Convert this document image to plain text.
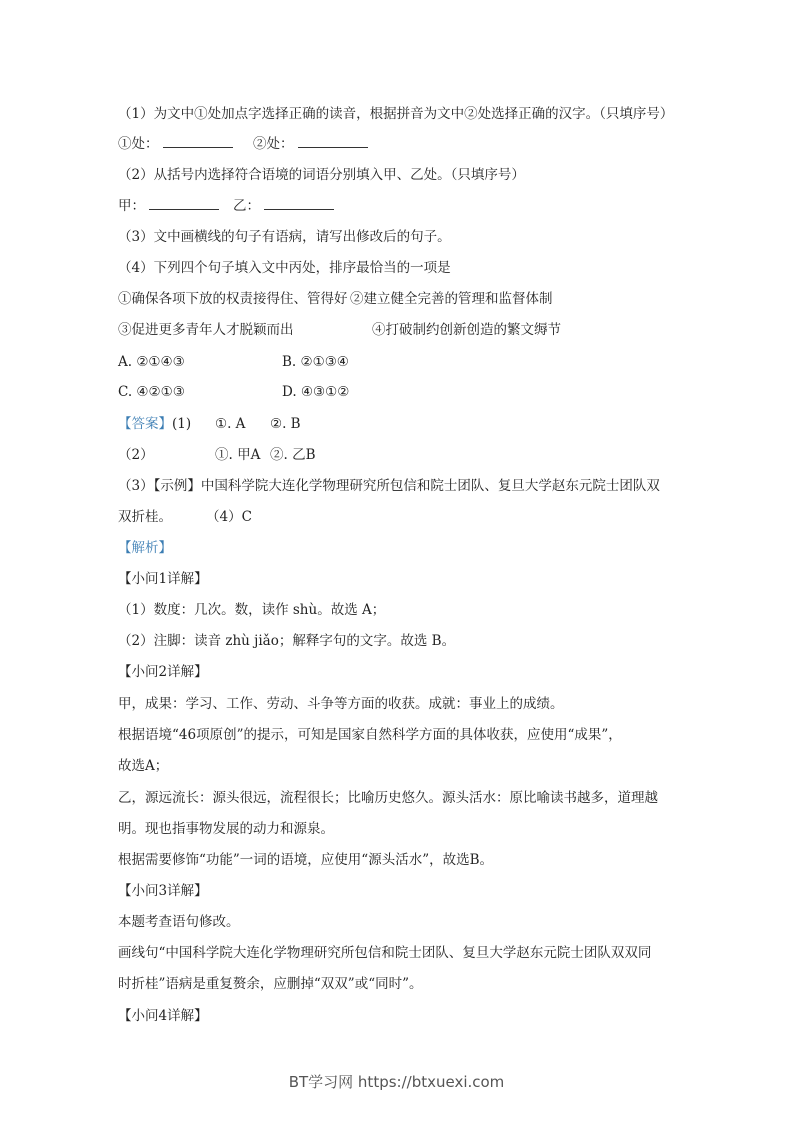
（1）为文中①处加点字选择正确的读音，根据拼音为文中②处选择正确的汉字。（只填序号）
①处：	②处：
（2）从括号内选择符合语境的词语分别填入甲、乙处。（只填序号）
甲：	乙：
（3）文中画横线的句子有语病，请写出修改后的句子。
（4）下列四个句子填入文中丙处，排序最恰当的一项是
①确保各项下放的权责接得住、管得好 ②建立健全完善的管理和监督体制
③促进更多青年人才脱颖而出	④打破制约创新创造的繁文缛节
A. ②①④③	B. ②①③④
C. ④②①③	D. ④③①②
【答案】(1) ①. A ②. B
（2）	①. 甲A ②. 乙B
（3）【示例】中国科学院大连化学物理研究所包信和院士团队、复旦大学赵东元院士团队双
双折桂。	（4）C
【解析】
【小问1详解】
（1）数度：几次。数，读作 shù。故选 A；
（2）注脚：读音 zhù jiǎo；解释字句的文字。故选 B。
【小问2详解】
甲，成果：学习、工作、劳动、斗争等方面的收获。成就：事业上的成绩。
根据语境“46项原创”的提示，可知是国家自然科学方面的具体收获，应使用“成果”，
故选A；
乙，源远流长：源头很远，流程很长；比喻历史悠久。源头活水：原比喻读书越多，道理越
明。现也指事物发展的动力和源泉。
根据需要修饰“功能”一词的语境，应使用“源头活水”，故选B。
【小问3详解】
本题考查语句修改。
画线句“中国科学院大连化学物理研究所包信和院士团队、复旦大学赵东元院士团队双双同
时折桂”语病是重复赘余，应删掉“双双”或“同时”。
【小问4详解】
BT学习网 https://btxuexi.com
